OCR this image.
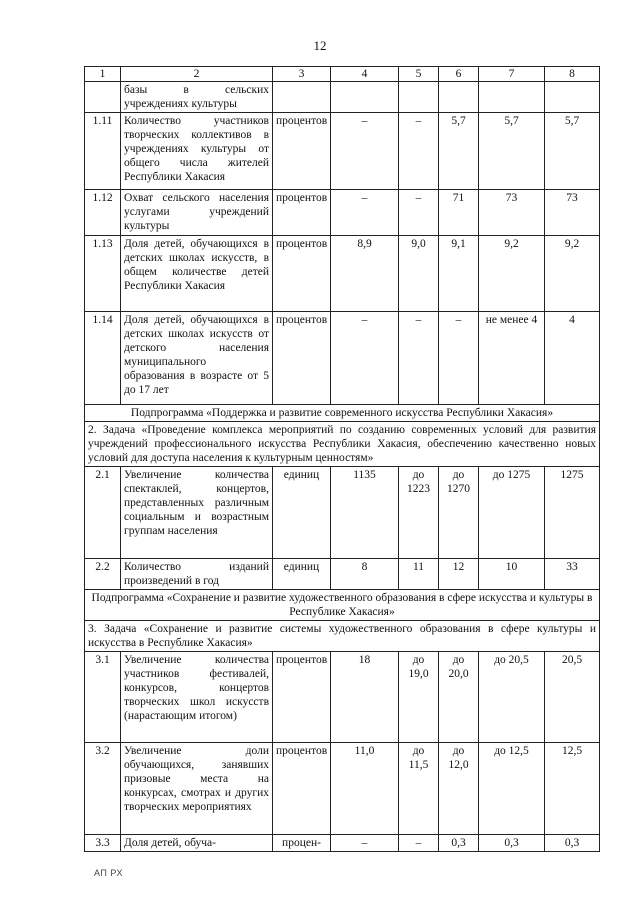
12
1	2	3	4	5	6	7	8
	базы в сельских учреждениях культуры						
1.11	Количество участников творческих коллективов в учреждениях культуры от общего числа жителей Республики Хакасия	процентов	–	–	5,7	5,7	5,7
1.12	Охват сельского населения услугами учреждений культуры	процентов	–	–	71	73	73
1.13	Доля детей, обучающихся в детских школах искусств, в общем количестве детей Республики Хакасия	процентов	8,9	9,0	9,1	9,2	9,2
1.14	Доля детей, обучающихся в детских школах искусств от детского населения муниципального образования в возрасте от 5 до 17 лет	процентов	–	–	–	не менее 4	4
Подпрограмма «Поддержка и развитие современного искусства Республики Хакасия»							
2. Задача «Проведение комплекса мероприятий по созданию современных условий для развития учреждений профессионального искусства Республики Хакасия, обеспечению качественно новых условий для доступа населения к культурным ценностям»							
2.1	Увеличение количества спектаклей, концертов, представленных различным социальным и возрастным группам населения	единиц	1135	до 1223	до 1270	до 1275	1275
2.2	Количество изданий произведений в год	единиц	8	11	12	10	33
Подпрограмма «Сохранение и развитие художественного образования в сфере искусства и культуры в Республике Хакасия»							
3. Задача «Сохранение и развитие системы художественного образования в сфере культуры и искусства в Республике Хакасия»							
3.1	Увеличение количества участников фестивалей, конкурсов, концертов творческих школ искусств (нарастающим итогом)	процентов	18	до 19,0	до 20,0	до 20,5	20,5
3.2	Увеличение доли обучающихся, занявших призовые места на конкурсах, смотрах и других творческих мероприятиях	процентов	11,0	до 11,5	до 12,0	до 12,5	12,5
3.3	Доля детей, обуча-	процен-	–	–	0,3	0,3	0,3
АП РХ
